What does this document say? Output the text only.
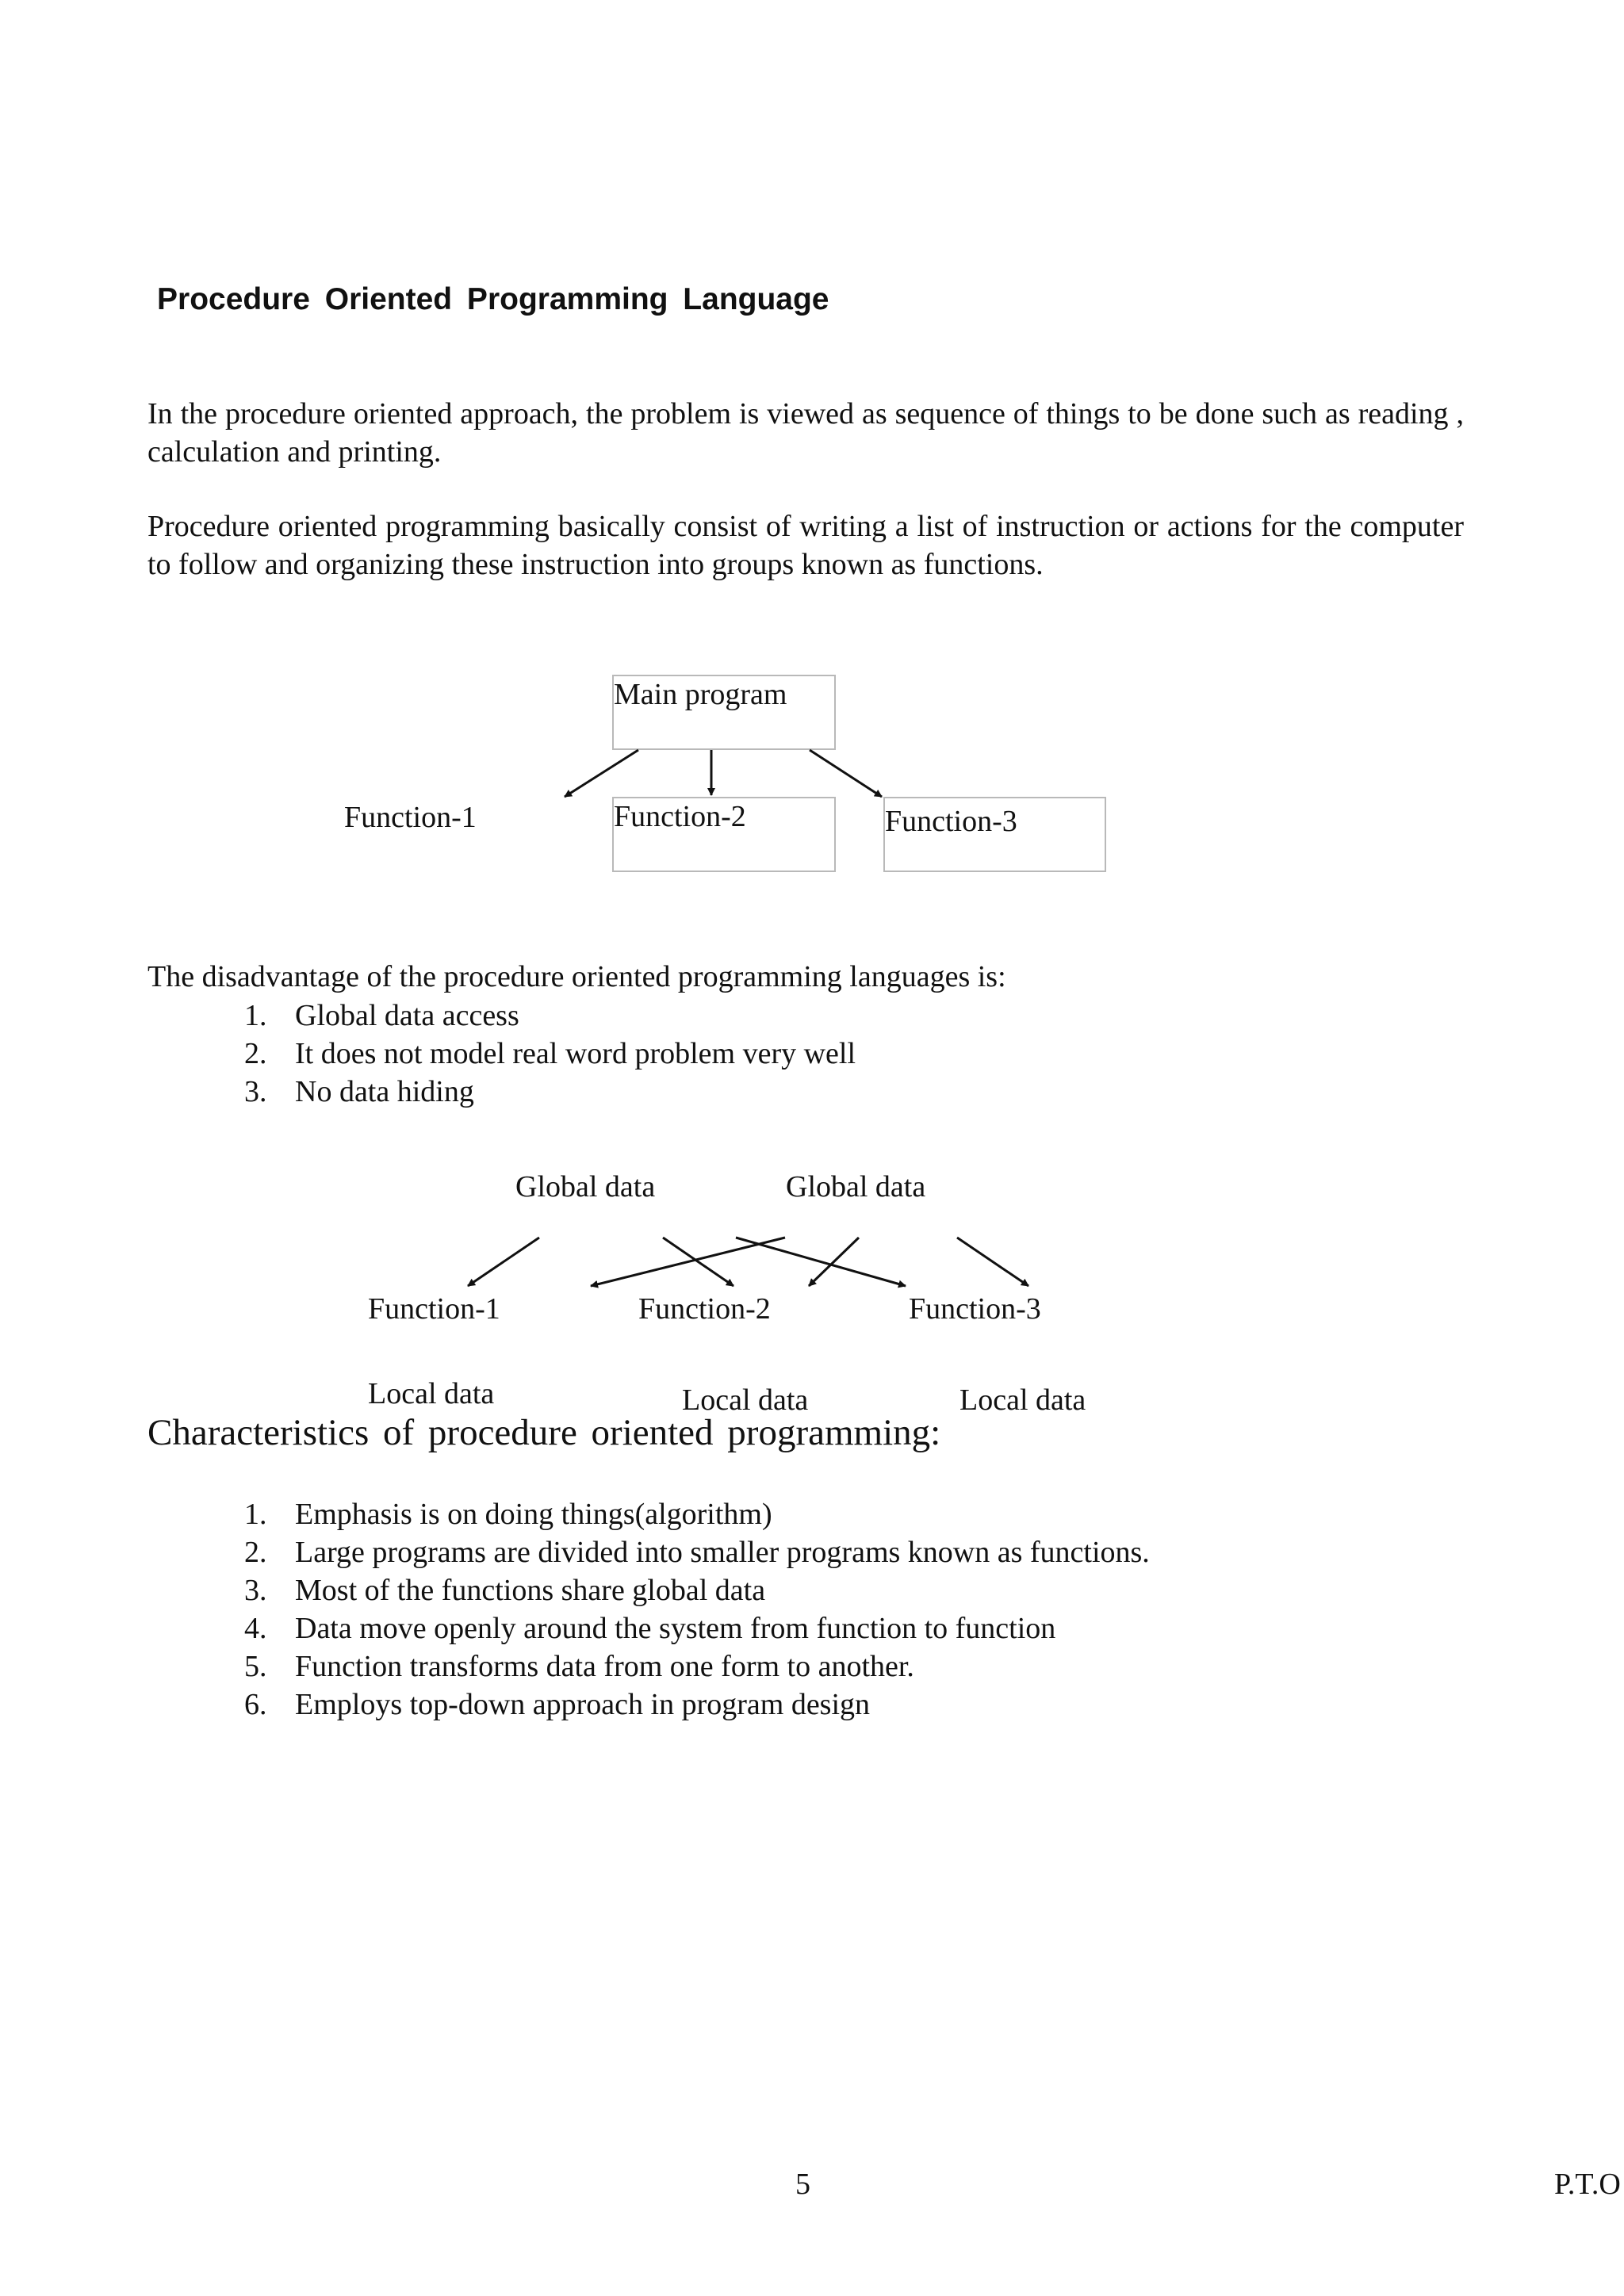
Procedure Oriented Programming Language
In the procedure oriented approach, the problem is viewed as sequence of things to be done such as reading , calculation and printing.
Procedure oriented programming basically consist of writing a list of instruction or actions for the computer to follow and organizing these instruction into groups known as functions.
Main program
Function-1	Function-2	Function-3
The disadvantage of the procedure oriented programming languages is:
1. Global data access
2. It does not model real word problem very well
3. No data hiding
Global data	Global data
Function-1	Function-2	Function-3
Local data	Local data	Local data
Characteristics of procedure oriented programming:
1. Emphasis is on doing things(algorithm)
2. Large programs are divided into smaller programs known as functions.
3. Most of the functions share global data
4. Data move openly around the system from function to function
5. Function transforms data from one form to another.
6. Employs top-down approach in program design
5	P.T.O
